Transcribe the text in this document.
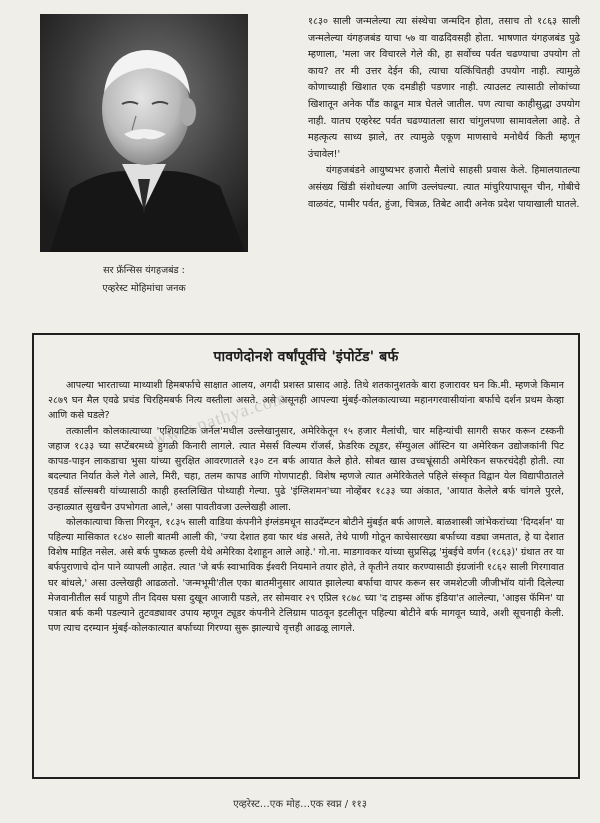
सर फ्रॅन्सिस यंगहजबंड :
एव्हरेस्ट मोहिमांचा जनक

१८३० साली जन्मलेल्या त्या संस्थेचा जन्मदिन होता, तसाच तो १८६३ साली जन्मलेल्या यंगहजबंड याचा ५७ वा वाढदिवसही होता. भाषणात यंगहजबंड पुढे म्हणाला, 'मला जर विचारले गेले की, हा सर्वोच्च पर्वत चढण्याचा उपयोग तो काय? तर मी उत्तर देईन की, त्याचा यत्किंचितही उपयोग नाही. त्यामुळे कोणाच्याही खिशात एक दमडीही पडणार नाही. त्याउलट त्यासाठी लोकांच्या खिशातून अनेक पौंड काढून मात्र घेतले जातील. पण त्याचा काहीसुद्धा उपयोग नाही. यातच एव्हरेस्ट पर्वत चढण्यातला सारा चांगुलपणा सामावलेला आहे. ते महत्कृत्य साध्य झाले, तर त्यामुळे एकूण माणसाचे मनोधैर्य किती म्हणून उंचावेल!'

यंगहजबंडने आयुष्यभर हजारो मैलांचे साहसी प्रवास केले. हिमालयातल्या असंख्य खिंडी संशोधल्या आणि उल्लंघल्या. त्यात मांचुरियापासून चीन, गोबीचे वाळवंट, पामीर पर्वत, हुंजा, चित्रळ, तिबेट आदी अनेक प्रदेश पायाखाली घातले.

पावणेदोनशे वर्षांपूर्वीचे 'इंपोर्टेड' बर्फ

आपल्या भारताच्या माथ्याशी हिमबर्फाचे साक्षात आलय, अगदी प्रशस्त प्रासाद आहे. तिथे शतकानुशतके बारा हजारावर घन कि.मी. म्हणजे किमान २८७९ घन मैल एवढे प्रचंड चिरहिमबर्फ नित्य वस्तीला असते. असे असूनही आपल्या मुंबई-कोलकात्याच्या महानगरवासीयांना बर्फाचे दर्शन प्रथम केव्हा आणि कसे घडले?

तत्कालीन कोलकात्याच्या 'एशियाटिक जर्नल'मधील उल्लेखानुसार, अमेरिकेतून १५ हजार मैलांची, चार महिन्यांची सागरी सफर करून टस्कनी जहाज १८३३ च्या सप्टेंबरमध्ये हुगळी किनारी लागले. त्यात मेसर्स विल्यम रॉजर्स, फ्रेडरिक ट्यूडर, सॅम्युअल ऑस्टिन या अमेरिकन उद्योजकांनी पिट कापड-पाइन लाकडाचा भुसा यांच्या सुरक्षित आवरणातले १३० टन बर्फ आयात केले होते. सोबत खास उच्चभ्रूंसाठी अमेरिकन सफरचंदेही होती. त्या बदल्यात निर्यात केले गेले आले, मिरी, चहा, तलम कापड आणि गोणपाटही. विशेष म्हणजे त्यात अमेरिकेतले पहिले संस्कृत विद्वान येल विद्यापीठातले एडवर्ड सॉल्सबरी यांच्यासाठी काही हस्तलिखित पोथ्याही गेल्या. पुढे 'इंग्लिशमन'च्या नोव्हेंबर १८३३ च्या अंकात, 'आयात केलेले बर्फ चांगले पुरले, उन्हाळ्यात सुखचैन उपभोगता आले,' असा पावतीवजा उल्लेखही आला.

कोलकात्याचा कित्ता गिरवून, १८३५ साली वाडिया कंपनीने इंग्लंडमधून साउदॅम्प्टन बोटीने मुंबईत बर्फ आणले. बाळशास्त्री जांभेकरांच्या 'दिग्दर्शन' या पहिल्या मासिकात १८४० साली बातमी आली की, 'ज्या देशात हवा फार थंड असते, तेथे पाणी गोठून काचेसारख्या बर्फाच्या वड्या जमतात, हे या देशात विशेष माहित नसेल. असे बर्फ पुष्कळ हल्ली येथे अमेरिका देशाहून आले आहे.' गो.ना. माडगावकर यांच्या सुप्रसिद्ध 'मुंबईचे वर्णन (१८६३)' ग्रंथात तर या बर्फपुराणाचे दोन पाने व्यापली आहेत. त्यात 'जे बर्फ स्वाभाविक ईश्वरी नियमाने तयार होते, ते कृतीने तयार करण्यासाठी इंग्रजांनी १८६२ साली गिरगावात घर बांधले,' असा उल्लेखही आढळतो. 'जन्मभूमी'तील एका बातमीनुसार आयात झालेल्या बर्फाचा वापर करून सर जमशेटजी जीजीभॉय यांनी दिलेल्या मेजवानीतील सर्व पाहुणे तीन दिवस घसा दुखून आजारी पडले, तर सोमवार २९ एप्रिल १८७८ च्या 'द टाइम्स ऑफ इंडिया'त आलेल्या, 'आइस फॅमिन' या पत्रात बर्फ कमी पडल्याने तुटवड्यावर उपाय म्हणून ट्यूडर कंपनीने टेलिग्राम पाठवून इटलीतून पहिल्या बोटीने बर्फ मागवून घ्यावे, अशी सूचनाही केली. पण त्याच दरम्यान मुंबई-कोलकात्यात बर्फाच्या गिरण्या सुरू झाल्याचे वृत्तही आढळू लागले.

www.pathya.com
एव्हरेस्ट…एक मोह…एक स्वप्न / ११३
